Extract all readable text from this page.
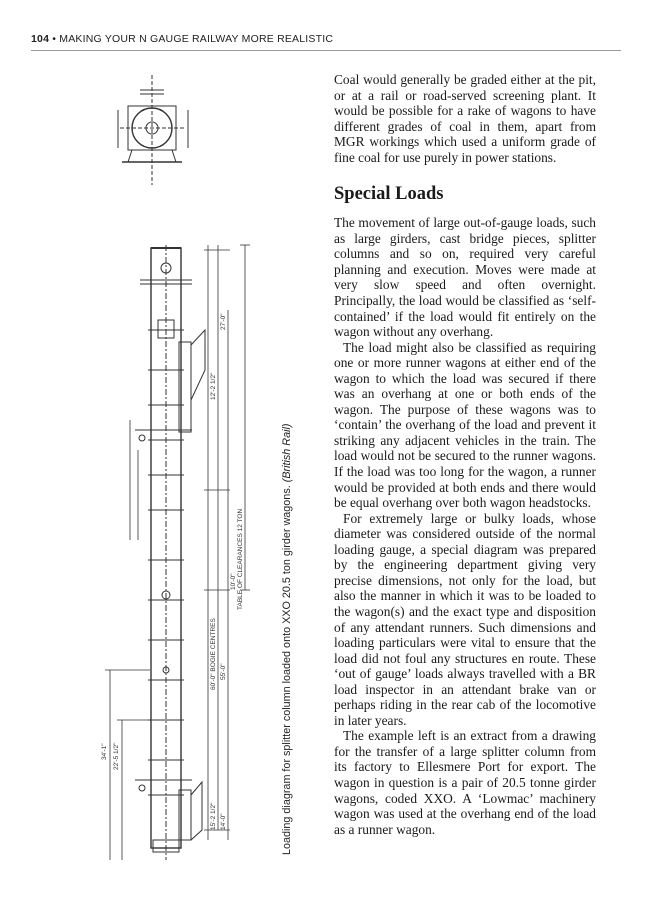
104 • MAKING YOUR N GAUGE RAILWAY MORE REALISTIC
34'-1" 22'-5 1/2"
12'-2 1/2"
27'-0"
60'-0" BOGIE CENTRES 55'-0"
15'-2 1/2" 14'-0"
10'-0" TABLE OF CLEARANCES 12 TON	Loading diagram for splitter column loaded onto XXO 20.5 ton girder wagons. (British Rail)

Coal would generally be graded either at the pit, or at a rail or road-served screening plant. It would be possible for a rake of wagons to have different grades of coal in them, apart from MGR workings which used a uniform grade of fine coal for use purely in power stations.

Special Loads

The movement of large out-of-gauge loads, such as large girders, cast bridge pieces, splitter columns and so on, required very careful planning and execution. Moves were made at very slow speed and often overnight. Principally, the load would be classified as ‘self-contained’ if the load would fit entirely on the wagon without any overhang.

The load might also be classified as requiring one or more runner wagons at either end of the wagon to which the load was secured if there was an overhang at one or both ends of the wagon. The purpose of these wagons was to ‘contain’ the overhang of the load and prevent it striking any adjacent vehicles in the train. The load would not be secured to the runner wagons. If the load was too long for the wagon, a runner would be provided at both ends and there would be equal overhang over both wagon headstocks.

For extremely large or bulky loads, whose diameter was considered outside of the normal loading gauge, a special diagram was prepared by the engineering department giving very precise dimensions, not only for the load, but also the manner in which it was to be loaded to the wagon(s) and the exact type and disposition of any attendant runners. Such dimensions and loading particulars were vital to ensure that the load did not foul any structures en route. These ‘out of gauge’ loads always travelled with a BR load inspector in an attendant brake van or perhaps riding in the rear cab of the locomotive in later years.

The example left is an extract from a drawing for the transfer of a large splitter column from its factory to Ellesmere Port for export. The wagon in question is a pair of 20.5 tonne girder wagons, coded XXO. A ‘Lowmac’ machinery wagon was used at the overhang end of the load as a runner wagon.
